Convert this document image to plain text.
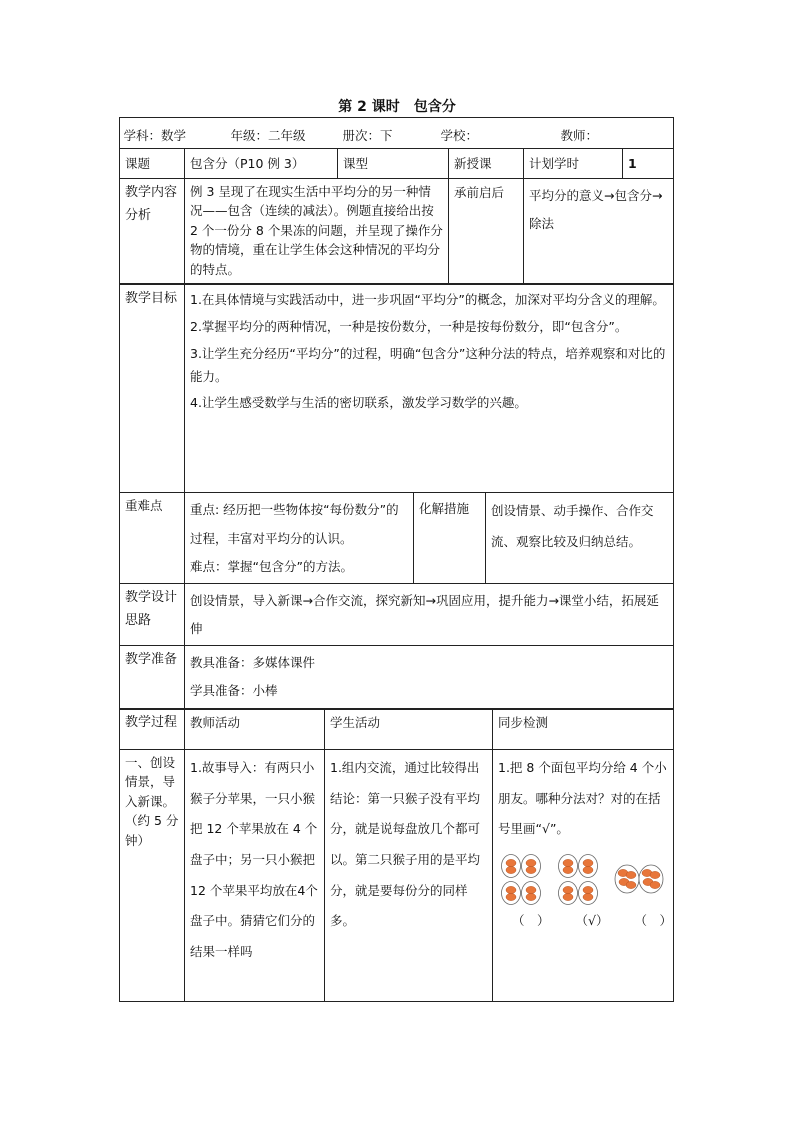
第 2 课时　包含分
学科：数学 年级：二年级 册次：下 学校： 教师：					

课题	包含分（P10 例 3）	课型	新授课	计划学时	1
教学内容分析	例 3 呈现了在现实生活中平均分的另一种情况——包含（连续的减法）。例题直接给出按 2 个一份分 8 个果冻的问题，并呈现了操作分物的情境，重在让学生体会这种情况的平均分的特点。		承前启后	平均分的意义→包含分→除法	
教学目标	1.在具体情境与实践活动中，进一步巩固“平均分”的概念，加深对平均分含义的理解。
2.掌握平均分的两种情况，一种是按份数分，一种是按每份数分，即“包含分”。
3.让学生充分经历“平均分”的过程，明确“包含分”这种分法的特点，培养观察和对比的能力。
4.让学生感受数学与生活的密切联系，激发学习数学的兴趣。		

重难点	重点: 经历把一些物体按“每份数分”的过程，丰富对平均分的认识。
难点：掌握“包含分”的方法。	化解措施	创设情景、动手操作、合作交流、观察比较及归纳总结。
教学设计思路	创设情景，导入新课→合作交流，探究新知→巩固应用，提升能力→课堂小结，拓展延伸		
教学准备	教具准备：多媒体课件
学具准备：小棒		
教学过程	教师活动	学生活动	同步检测
一、创设情景，导入新课。（约 5 分钟）	1.故事导入：有两只小猴子分苹果，一只小猴把 12 个苹果放在 4 个盘子中；另一只小猴把 12 个苹果平均放在4个盘子中。猜猜它们分的结果一样吗	1.组内交流，通过比较得出结论：第一只猴子没有平均分，就是说每盘放几个都可以。第二只猴子用的是平均分，就是要每份分的同样多。	1.把 8 个面包平均分给 4 个小朋友。哪种分法对？对的在括号里画“√”。
（　） （√） （　）
